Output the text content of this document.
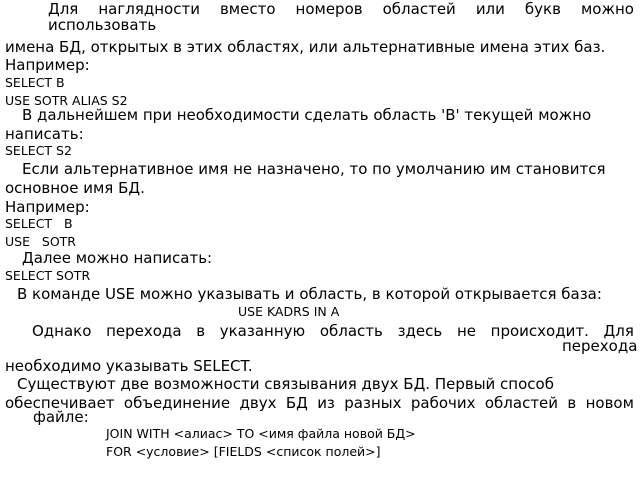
Для наглядности вместо номеров областей или букв можно
использовать
имена БД, открытых в этих областях, или альтернативные имена этих баз.
Например:
SELECT B
USE SOTR ALIAS S2
В дальнейшем при необходимости сделать область 'B' текущей можно
написать:
SELECT S2
Если альтернативное имя не назначено, то по умолчанию им становится
основное имя БД.
Например:
SELECT   B
USE   SOTR
Далее можно написать:
SELECT SOTR
В команде USE можно указывать и область, в которой открывается база:
USE KADRS IN A
Однако перехода в указанную область здесь не происходит. Для
перехода
необходимо указывать SELECT.
Существуют две возможности связывания двух БД. Первый способ
обеспечивает объединение двух БД из разных рабочих областей в новом
файле:
JOIN WITH <алиас> TO <имя файла новой БД>
FOR <условие> [FIELDS <список полей>]
